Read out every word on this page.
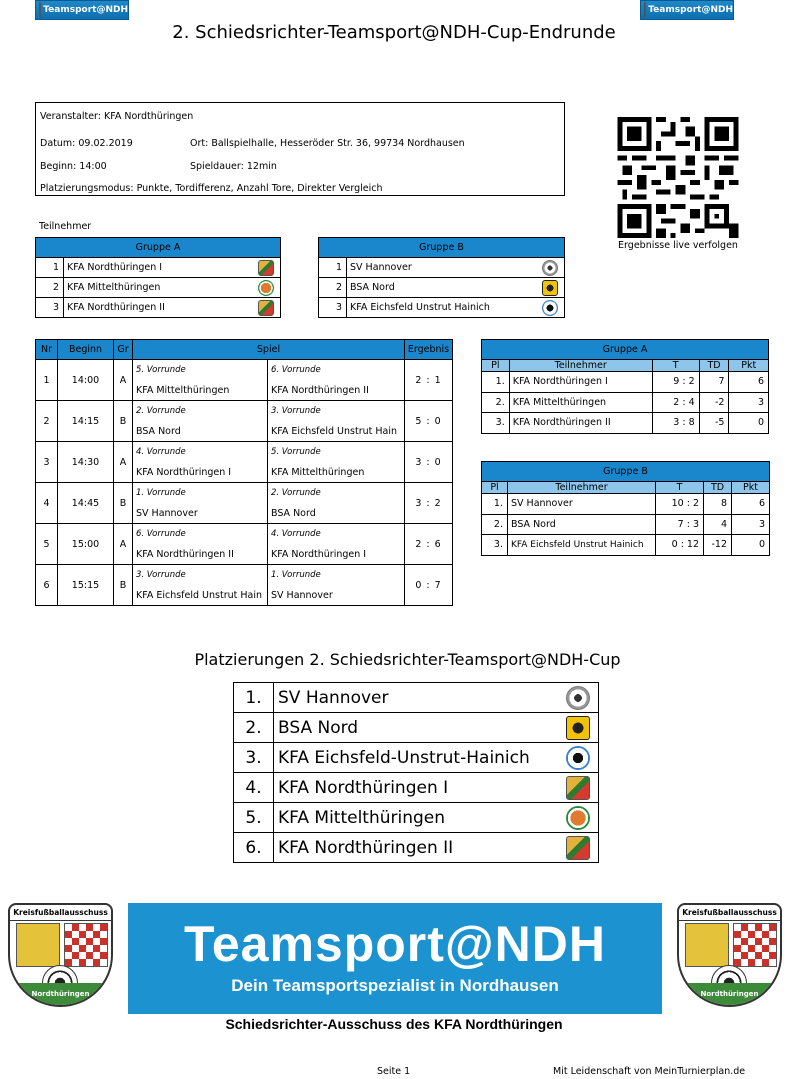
Teamsport@NDH	Teamsport@NDH
2. Schiedsrichter-Teamsport@NDH-Cup-Endrunde
Veranstalter: KFA Nordthüringen
Datum: 09.02.2019	Ort: Ballspielhalle, Hesseröder Str. 36, 99734 Nordhausen
Beginn: 14:00	Spieldauer: 12min
Platzierungsmodus: Punkte, Tordifferenz, Anzahl Tore, Direkter Vergleich
Ergebnisse live verfolgen
Teilnehmer
Gruppe A		
1	KFA Nordthüringen I	
2	KFA Mittelthüringen	
3	KFA Nordthüringen II	
Gruppe B		
1	SV Hannover	
2	BSA Nord	
3	KFA Eichsfeld Unstrut Hainich	
Nr	Beginn	Gr	Spiel		Ergebnis
1	14:00	A	5. Vorrunde	6. Vorrunde	2 : 1
			KFA Mittelthüringen	KFA Nordthüringen II	
2	14:15	B	2. Vorrunde	3. Vorrunde	5 : 0
			BSA Nord	KFA Eichsfeld Unstrut Hain	
3	14:30	A	4. Vorrunde	5. Vorrunde	3 : 0
			KFA Nordthüringen I	KFA Mittelthüringen	
4	14:45	B	1. Vorrunde	2. Vorrunde	3 : 2
			SV Hannover	BSA Nord	
5	15:00	A	6. Vorrunde	4. Vorrunde	2 : 6
			KFA Nordthüringen II	KFA Nordthüringen I	
6	15:15	B	3. Vorrunde	1. Vorrunde	0 : 7
			KFA Eichsfeld Unstrut Hain	SV Hannover	
Gruppe A				
Pl	Teilnehmer	T	TD	Pkt
1.	KFA Nordthüringen I	9 : 2	7	6
2.	KFA Mittelthüringen	2 : 4	-2	3
3.	KFA Nordthüringen II	3 : 8	-5	0
Gruppe B				
Pl	Teilnehmer	T	TD	Pkt
1.	SV Hannover	10 : 2	8	6
2.	BSA Nord	7 : 3	4	3
3.	KFA Eichsfeld Unstrut Hainich	0 : 12	-12	0
Platzierungen 2. Schiedsrichter-Teamsport@NDH-Cup
1.	SV Hannover	
2.	BSA Nord	
3.	KFA Eichsfeld-Unstrut-Hainich	
4.	KFA Nordthüringen I	
5.	KFA Mittelthüringen	
6.	KFA Nordthüringen II	
Kreisfußballausschuss
Nordthüringen
Teamsport@NDH
Dein Teamsportspezialist in Nordhausen
Kreisfußballausschuss
Nordthüringen
Schiedsrichter-Ausschuss des KFA Nordthüringen
Seite 1	Mit Leidenschaft von MeinTurnierplan.de
